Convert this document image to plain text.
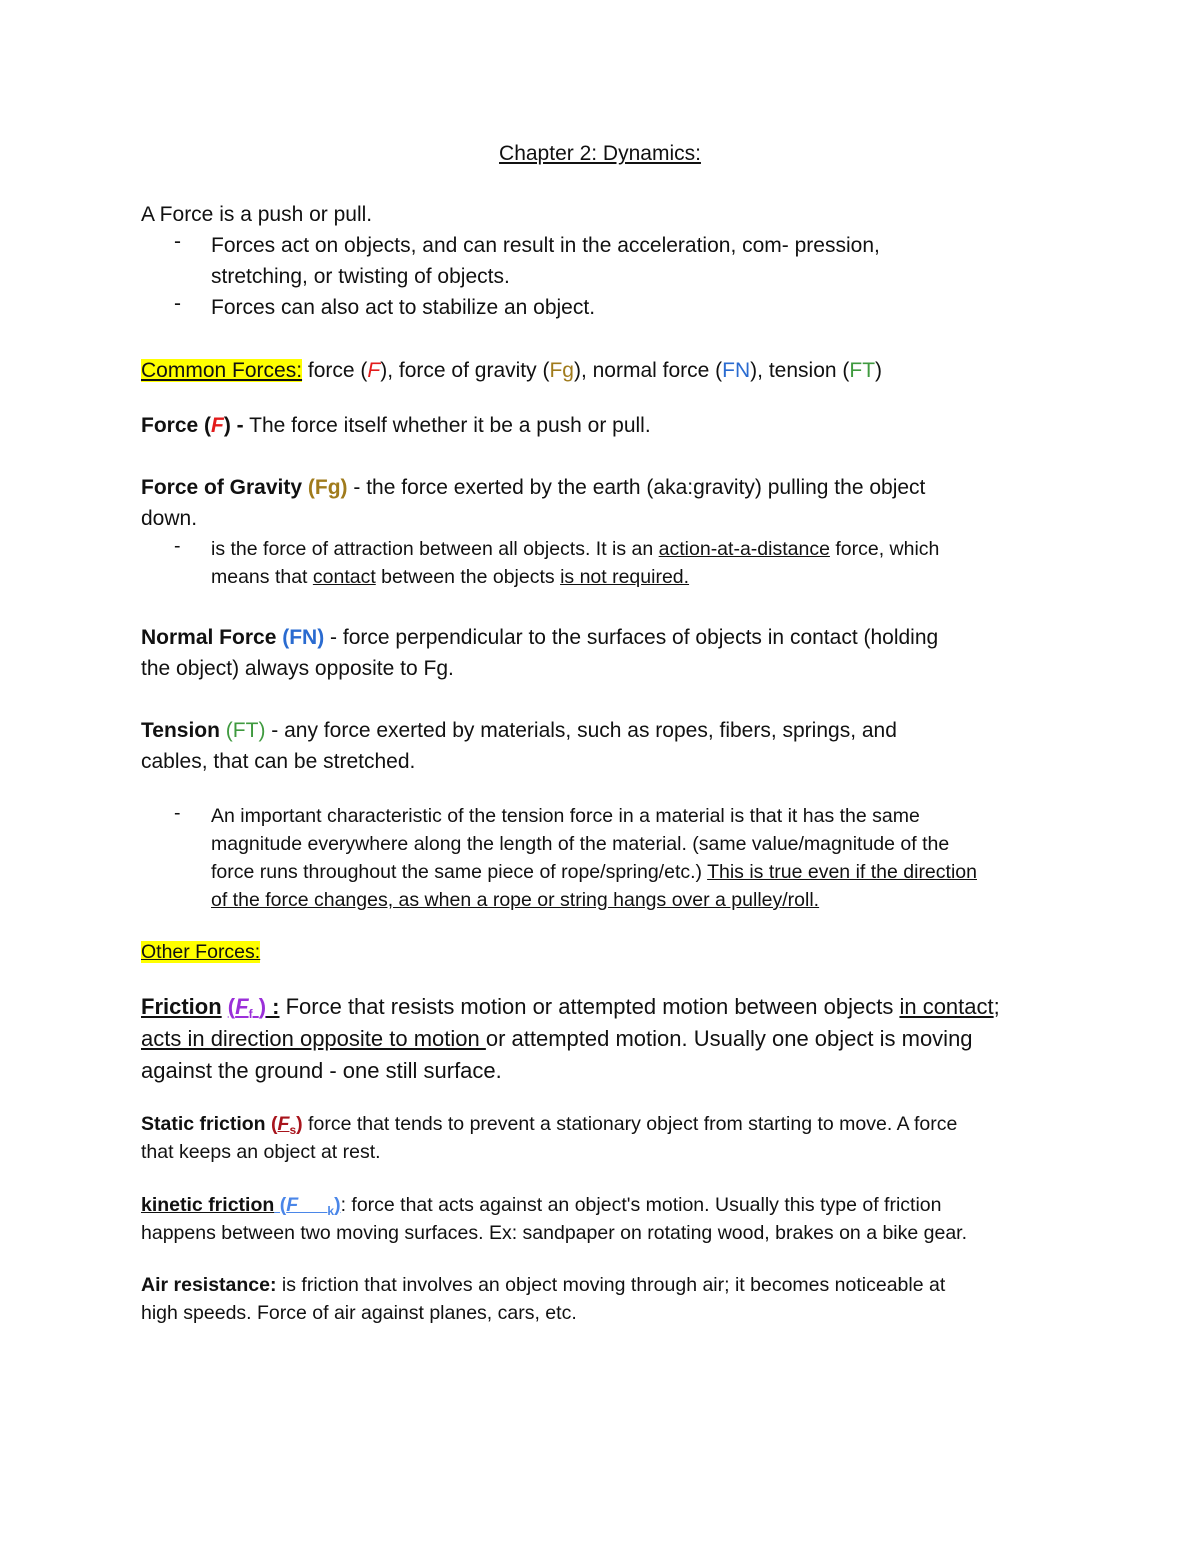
Chapter 2: Dynamics:
A Force is a push or pull.
- Forces act on objects, and can result in the acceleration, com- pression,
stretching, or twisting of objects.
- Forces can also act to stabilize an object.
Common Forces: force (F), force of gravity (Fg), normal force (FN), tension (FT)
Force (F) - The force itself whether it be a push or pull.
Force of Gravity (Fg) - the force exerted by the earth (aka:gravity) pulling the object
down.
- is the force of attraction between all objects. It is an action-at-a-distance force, which
means that contact between the objects is not required.
Normal Force (FN) - force perpendicular to the surfaces of objects in contact (holding
the object) always opposite to Fg.
Tension (FT) - any force exerted by materials, such as ropes, fibers, springs, and
cables, that can be stretched.
- An important characteristic of the tension force in a material is that it has the same
magnitude everywhere along the length of the material. (same value/magnitude of the
force runs throughout the same piece of rope/spring/etc.) This is true even if the direction
of the force changes, as when a rope or string hangs over a pulley/roll.
Other Forces:
Friction ($F_f$ ) : Force that resists motion or attempted motion between objects in contact;
acts in direction opposite to motion or attempted motion. Usually one object is moving
against the ground - one still surface.
Static friction $(F_s)$ force that tends to prevent a stationary object from starting to move. A force
that keeps an object at rest.
kinetic friction $(F􀀀􀀀_k)$: force that acts against an object's motion. Usually this type of friction
happens between two moving surfaces. Ex: sandpaper on rotating wood, brakes on a bike gear.
Air resistance: is friction that involves an object moving through air; it becomes noticeable at
high speeds. Force of air against planes, cars, etc.
